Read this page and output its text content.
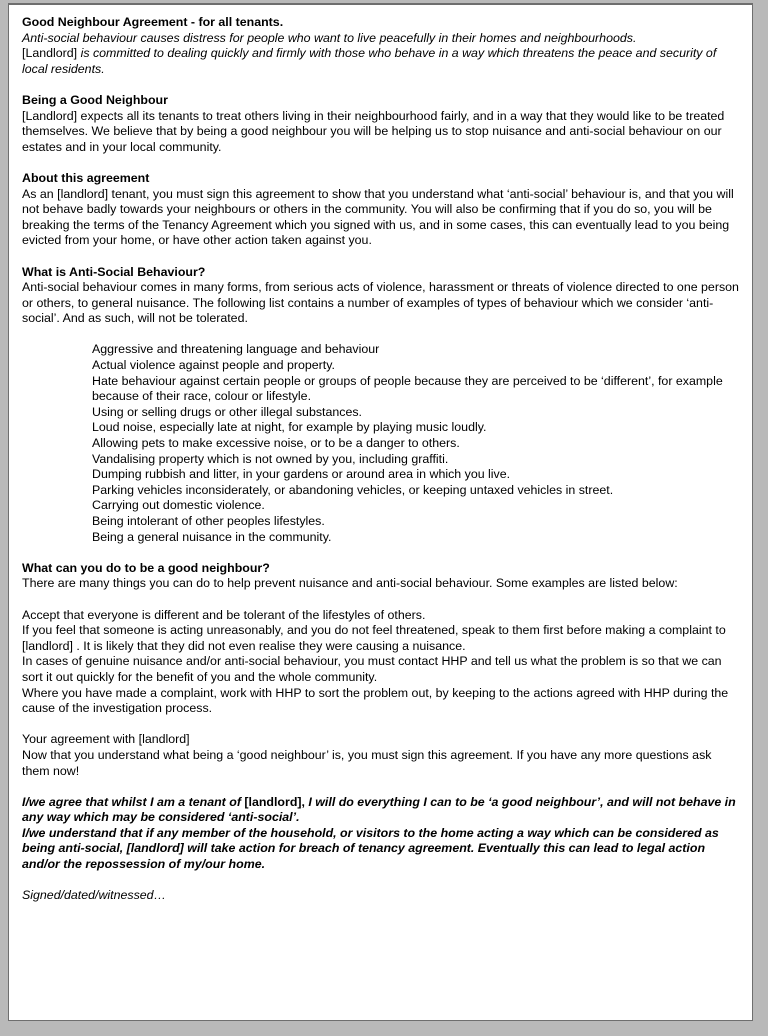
Good Neighbour Agreement - for all tenants.
Anti-social behaviour causes distress for people who want to live peacefully in their homes and neighbourhoods.
[Landlord] is committed to dealing quickly and firmly with those who behave in a way which threatens the peace and security of local residents.
Being a Good Neighbour
[Landlord] expects all its tenants to treat others living in their neighbourhood fairly, and in a way that they would like to be treated themselves. We believe that by being a good neighbour you will be helping us to stop nuisance and anti-social behaviour on our estates and in your local community.
About this agreement
As an [landlord] tenant, you must sign this agreement to show that you understand what ‘anti-social’ behaviour is, and that you will not behave badly towards your neighbours or others in the community. You will also be confirming that if you do so, you will be breaking the terms of the Tenancy Agreement which you signed with us, and in some cases, this can eventually lead to you being evicted from your home, or have other action taken against you.
What is Anti-Social Behaviour?
Anti-social behaviour comes in many forms, from serious acts of violence, harassment or threats of violence directed to one person or others, to general nuisance. The following list contains a number of examples of types of behaviour which we consider ‘anti-social’. And as such, will not be tolerated.
Aggressive and threatening language and behaviour
Actual violence against people and property.
Hate behaviour against certain people or groups of people because they are perceived to be ‘different’, for example because of their race, colour or lifestyle.
Using or selling drugs or other illegal substances.
Loud noise, especially late at night, for example by playing music loudly.
Allowing pets to make excessive noise, or to be a danger to others.
Vandalising property which is not owned by you, including graffiti.
Dumping rubbish and litter, in your gardens or around area in which you live.
Parking vehicles inconsiderately, or abandoning vehicles, or keeping untaxed vehicles in street.
Carrying out domestic violence.
Being intolerant of other peoples lifestyles.
Being a general nuisance in the community.
What can you do to be a good neighbour?
There are many things you can do to help prevent nuisance and anti-social behaviour. Some examples are listed below:
Accept that everyone is different and be tolerant of the lifestyles of others.
If you feel that someone is acting unreasonably, and you do not feel threatened, speak to them first before making a complaint to [landlord] . It is likely that they did not even realise they were causing a nuisance.
In cases of genuine nuisance and/or anti-social behaviour, you must contact HHP and tell us what the problem is so that we can sort it out quickly for the benefit of you and the whole community.
Where you have made a complaint, work with HHP to sort the problem out, by keeping to the actions agreed with HHP during the cause of the investigation process.
Your agreement with [landlord]
Now that you understand what being a ‘good neighbour’ is, you must sign this agreement. If you have any more questions ask them now!
I/we agree that whilst I am a tenant of [landlord], I will do everything I can to be ‘a good neighbour’, and will not behave in any way which may be considered ‘anti-social’.
I/we understand that if any member of the household, or visitors to the home acting a way which can be considered as being anti-social, [landlord] will take action for breach of tenancy agreement. Eventually this can lead to legal action and/or the repossession of my/our home.
Signed/dated/witnessed…
